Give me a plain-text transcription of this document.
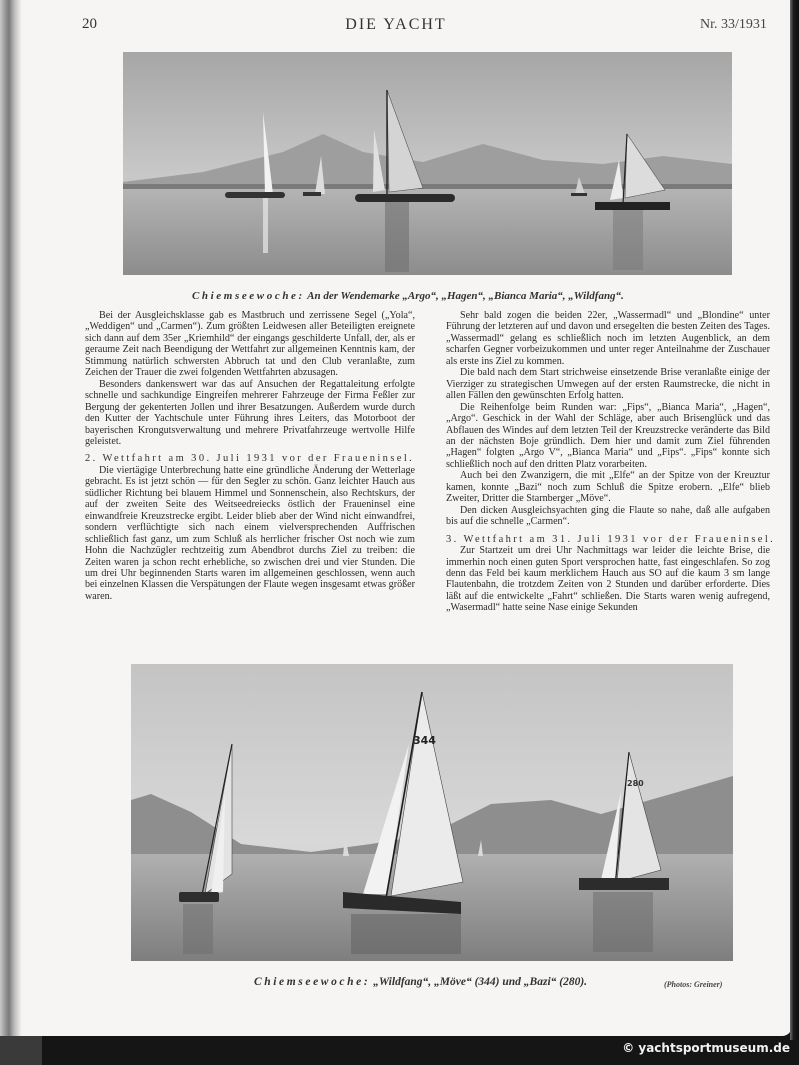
20	DIE YACHT	Nr. 33/1931
Chiemseewoche: An der Wendemarke „Argo“, „Hagen“, „Bianca Maria“, „Wildfang“.

Bei der Ausgleichsklasse gab es Mastbruch und zerrissene Segel („Yola“, „Weddigen“ und „Carmen“). Zum größten Leidwesen aller Beteiligten ereignete sich dann auf dem 35er „Kriemhild“ der eingangs geschilderte Unfall, der, als er geraume Zeit nach Beendigung der Wettfahrt zur allgemeinen Kenntnis kam, der Stimmung natürlich schwersten Abbruch tat und den Club veranlaßte, zum Zeichen der Trauer die zwei folgenden Wettfahrten abzusagen.

Besonders dankenswert war das auf Ansuchen der Regattaleitung erfolgte schnelle und sachkundige Eingreifen mehrerer Fahrzeuge der Firma Feßler zur Bergung der gekenterten Jollen und ihrer Besatzungen. Außerdem wurde durch den Kutter der Yachtschule unter Führung ihres Leiters, das Motorboot der bayerischen Krongutsverwaltung und mehrere Privatfahrzeuge wertvolle Hilfe geleistet.

2. Wettfahrt am 30. Juli 1931 vor der Fraueninsel.

Die viertägige Unterbrechung hatte eine gründliche Änderung der Wetterlage gebracht. Es ist jetzt schön — für den Segler zu schön. Ganz leichter Hauch aus südlicher Richtung bei blauem Himmel und Sonnenschein, also Rechtskurs, der auf der zweiten Seite des Weitseedreiecks östlich der Fraueninsel eine einwandfreie Kreuzstrecke ergibt. Leider blieb aber der Wind nicht einwandfrei, sondern verflüchtigte sich nach einem vielversprechenden Auffrischen schließlich fast ganz, um zum Schluß als herrlicher frischer Ost noch wie zum Hohn die Nachzügler rechtzeitig zum Abendbrot durchs Ziel zu treiben: die Zeiten waren ja schon recht erhebliche, so zwischen drei und vier Stunden. Die um drei Uhr beginnenden Starts waren im allgemeinen geschlossen, wenn auch bei einzelnen Klassen die Verspätungen der Flaute wegen insgesamt etwas größer waren.

Sehr bald zogen die beiden 22er, „Wassermadl“ und „Blondine“ unter Führung der letzteren auf und davon und ersegelten die besten Zeiten des Tages. „Wassermadl“ gelang es schließlich noch im letzten Augenblick, an dem scharfen Gegner vorbeizukommen und unter reger Anteilnahme der Zuschauer als erste ins Ziel zu kommen.

Die bald nach dem Start strichweise einsetzende Brise veranlaßte einige der Vierziger zu strategischen Umwegen auf der ersten Raumstrecke, die nicht in allen Fällen den gewünschten Erfolg hatten.

Die Reihenfolge beim Runden war: „Fips“, „Bianca Maria“, „Hagen“, „Argo“. Geschick in der Wahl der Schläge, aber auch Brisenglück und das Abflauen des Windes auf dem letzten Teil der Kreuzstrecke veränderte das Bild an der nächsten Boje gründlich. Dem hier und damit zum Ziel führenden „Hagen“ folgten „Argo V“, „Bianca Maria“ und „Fips“. „Fips“ konnte sich schließlich noch auf den dritten Platz vorarbeiten.

Auch bei den Zwanzigern, die mit „Elfe“ an der Spitze von der Kreuztur kamen, konnte „Bazi“ noch zum Schluß die Spitze erobern. „Elfe“ blieb Zweiter, Dritter die Starnberger „Möve“.

Den dicken Ausgleichsyachten ging die Flaute so nahe, daß alle aufgaben bis auf die schnelle „Carmen“.

3. Wettfahrt am 31. Juli 1931 vor der Fraueninsel.

Zur Startzeit um drei Uhr Nachmittags war leider die leichte Brise, die immerhin noch einen guten Sport versprochen hatte, fast eingeschlafen. So zog denn das Feld bei kaum merklichem Hauch aus SO auf die kaum 3 sm lange Flautenbahn, die trotzdem Zeiten von 2 Stunden und darüber erforderte. Dies läßt auf die entwickelte „Fahrt“ schließen. Die Starts waren wenig aufregend, „Wasermadl“ hatte seine Nase einige Sekunden

344
280
Chiemseewoche: „Wildfang“, „Möve“ (344) und „Bazi“ (280).	(Photos: Greiner)
© yachtsportmuseum.de
